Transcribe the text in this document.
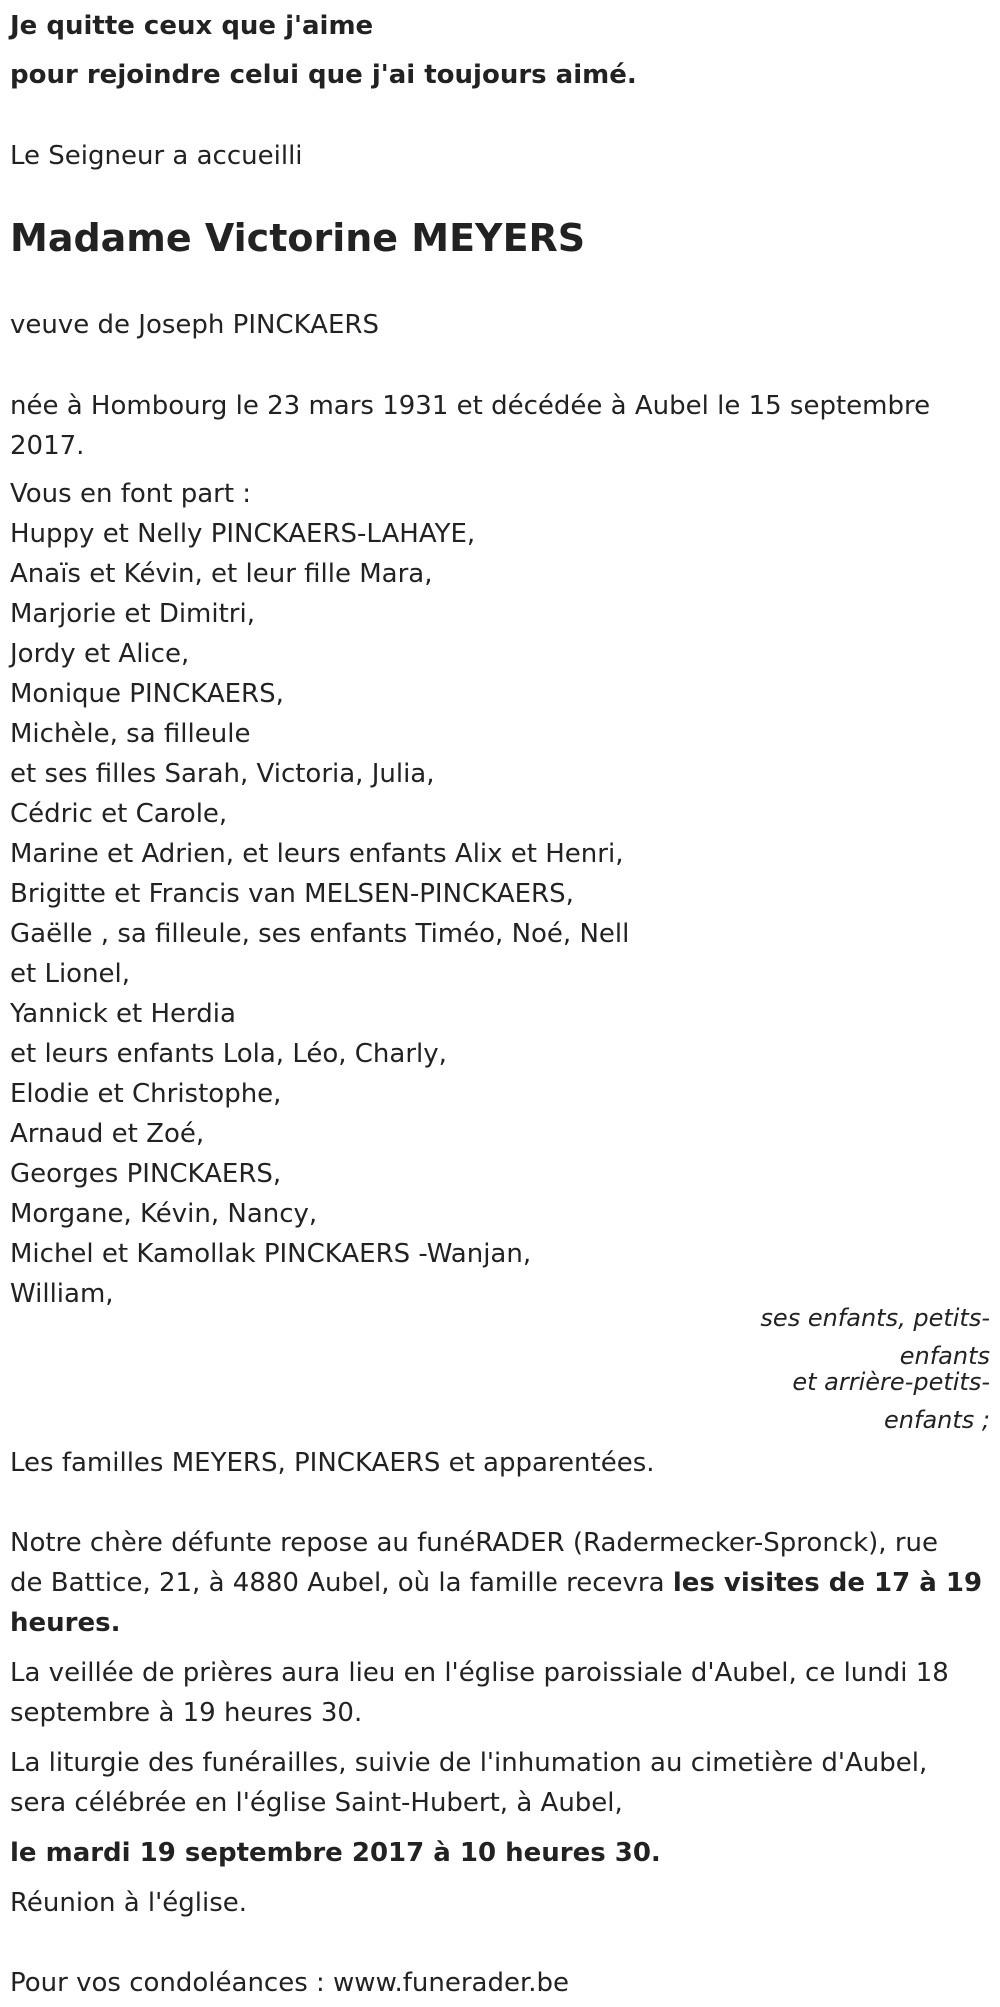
Je quitte ceux que j'aime
pour rejoindre celui que j'ai toujours aimé.
Le Seigneur a accueilli
Madame Victorine MEYERS
veuve de Joseph PINCKAERS
née à Hombourg le 23 mars 1931 et décédée à Aubel le 15 septembre
2017.
Vous en font part :
Huppy et Nelly PINCKAERS-LAHAYE,
Anaïs et Kévin, et leur fille Mara,
Marjorie et Dimitri,
Jordy et Alice,
Monique PINCKAERS,
Michèle, sa filleule
et ses filles Sarah, Victoria, Julia,
Cédric et Carole,
Marine et Adrien, et leurs enfants Alix et Henri,
Brigitte et Francis van MELSEN-PINCKAERS,
Gaëlle , sa filleule, ses enfants Timéo, Noé, Nell
et Lionel,
Yannick et Herdia
et leurs enfants Lola, Léo, Charly,
Elodie et Christophe,
Arnaud et Zoé,
Georges PINCKAERS,
Morgane, Kévin, Nancy,
Michel et Kamollak PINCKAERS -Wanjan,
William,
ses enfants, petits-
enfants
et arrière-petits-
enfants ;
Les familles MEYERS, PINCKAERS et apparentées.
Notre chère défunte repose au funéRADER (Radermecker-Spronck), rue
de Battice, 21, à 4880 Aubel, où la famille recevra les visites de 17 à 19
heures.
La veillée de prières aura lieu en l'église paroissiale d'Aubel, ce lundi 18
septembre à 19 heures 30.
La liturgie des funérailles, suivie de l'inhumation au cimetière d'Aubel,
sera célébrée en l'église Saint-Hubert, à Aubel,
le mardi 19 septembre 2017 à 10 heures 30.
Réunion à l'église.
Pour vos condoléances : www.funerader.be
